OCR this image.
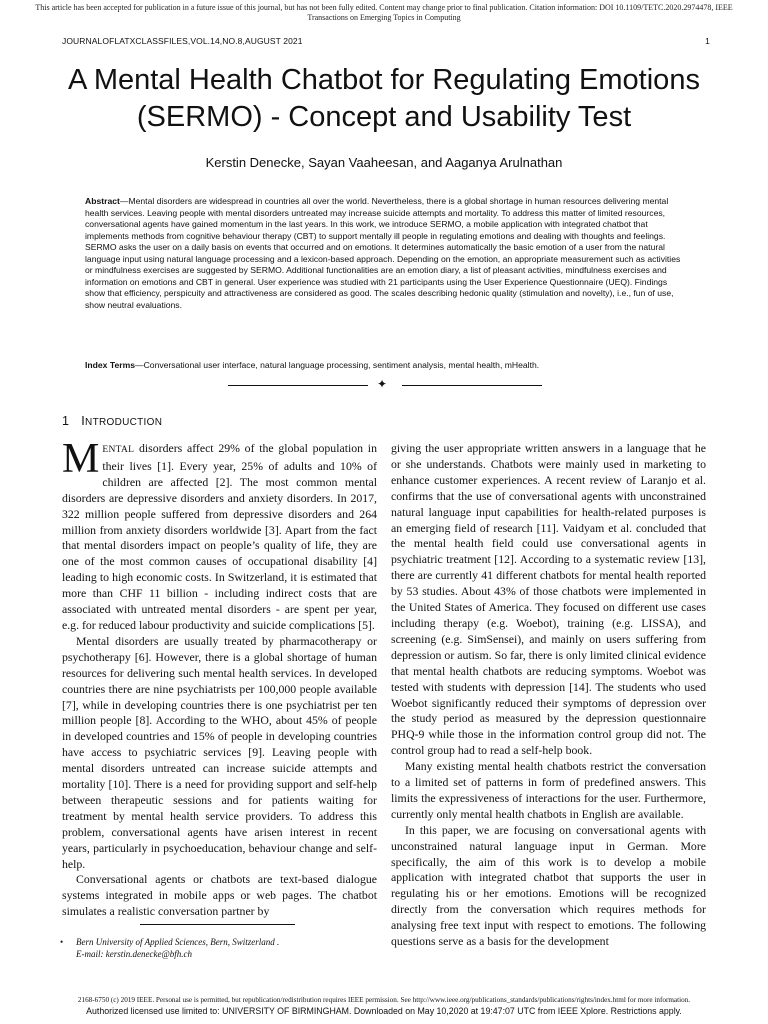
This article has been accepted for publication in a future issue of this journal, but has not been fully edited. Content may change prior to final publication. Citation information: DOI 10.1109/TETC.2020.2974478, IEEE Transactions on Emerging Topics in Computing
JOURNALOFLATXCLASSFILES,VOL.14,NO.8,AUGUST 2021	1
A Mental Health Chatbot for Regulating Emotions (SERMO) - Concept and Usability Test
Kerstin Denecke, Sayan Vaaheesan, and Aaganya Arulnathan

Abstract—Mental disorders are widespread in countries all over the world. Nevertheless, there is a global shortage in human resources delivering mental health services. Leaving people with mental disorders untreated may increase suicide attempts and mortality. To address this matter of limited resources, conversational agents have gained momentum in the last years. In this work, we introduce SERMO, a mobile application with integrated chatbot that implements methods from cognitive behaviour therapy (CBT) to support mentally ill people in regulating emotions and dealing with thoughts and feelings. SERMO asks the user on a daily basis on events that occurred and on emotions. It determines automatically the basic emotion of a user from the natural language input using natural language processing and a lexicon-based approach. Depending on the emotion, an appropriate measurement such as activities or mindfulness exercises are suggested by SERMO. Additional functionalities are an emotion diary, a list of pleasant activities, mindfulness exercises and information on emotions and CBT in general. User experience was studied with 21 participants using the User Experience Questionnaire (UEQ). Findings show that efficiency, perspicuity and attractiveness are considered as good. The scales describing hedonic quality (stimulation and novelty), i.e., fun of use, show neutral evaluations.

Index Terms—Conversational user interface, natural language processing, sentiment analysis, mental health, mHealth.

✦
1 INTRODUCTION

MENTAL disorders affect 29% of the global population in their lives [1]. Every year, 25% of adults and 10% of children are affected [2]. The most common mental disorders are depressive disorders and anxiety disorders. In 2017, 322 million people suffered from depressive disorders and 264 million from anxiety disorders worldwide [3]. Apart from the fact that mental disorders impact on people’s quality of life, they are one of the most common causes of occupational disability [4] leading to high economic costs. In Switzerland, it is estimated that more than CHF 11 billion - including indirect costs that are associated with untreated mental disorders - are spent per year, e.g. for reduced labour productivity and suicide complications [5].

Mental disorders are usually treated by pharmacotherapy or psychotherapy [6]. However, there is a global shortage of human resources for delivering such mental health services. In developed countries there are nine psychiatrists per 100,000 people available [7], while in developing countries there is one psychiatrist per ten million people [8]. According to the WHO, about 45% of people in developed countries and 15% of people in developing countries have access to psychiatric services [9]. Leaving people with mental disorders untreated can increase suicide attempts and mortality [10]. There is a need for providing support and self-help between therapeutic sessions and for patients waiting for treatment by mental health service providers. To address this problem, conversational agents have arisen interest in recent years, particularly in psychoeducation, behaviour change and self-help.

Conversational agents or chatbots are text-based dialogue systems integrated in mobile apps or web pages. The chatbot simulates a realistic conversation partner by

giving the user appropriate written answers in a language that he or she understands. Chatbots were mainly used in marketing to enhance customer experiences. A recent review of Laranjo et al. confirms that the use of conversational agents with unconstrained natural language input capabilities for health-related purposes is an emerging field of research [11]. Vaidyam et al. concluded that the mental health field could use conversational agents in psychiatric treatment [12]. According to a systematic review [13], there are currently 41 different chatbots for mental health reported by 53 studies. About 43% of those chatbots were implemented in the United States of America. They focused on different use cases including therapy (e.g. Woebot), training (e.g. LISSA), and screening (e.g. SimSensei), and mainly on users suffering from depression or autism. So far, there is only limited clinical evidence that mental health chatbots are reducing symptoms. Woebot was tested with students with depression [14]. The students who used Woebot significantly reduced their symptoms of depression over the study period as measured by the depression questionnaire PHQ-9 while those in the information control group did not. The control group had to read a self-help book.

Many existing mental health chatbots restrict the conversation to a limited set of patterns in form of predefined answers. This limits the expressiveness of interactions for the user. Furthermore, currently only mental health chatbots in English are available.

In this paper, we are focusing on conversational agents with unconstrained natural language input in German. More specifically, the aim of this work is to develop a mobile application with integrated chatbot that supports the user in regulating his or her emotions. Emotions will be recognized directly from the conversation which requires methods for analysing free text input with respect to emotions. The following questions serve as a basis for the development

• Bern University of Applied Sciences, Bern, Switzerland .
E-mail: kerstin.denecke@bfh.ch
2168-6750 (c) 2019 IEEE. Personal use is permitted, but republication/redistribution requires IEEE permission. See http://www.ieee.org/publications_standards/publications/rights/index.html for more information.
Authorized licensed use limited to: UNIVERSITY OF BIRMINGHAM. Downloaded on May 10,2020 at 19:47:07 UTC from IEEE Xplore. Restrictions apply.
